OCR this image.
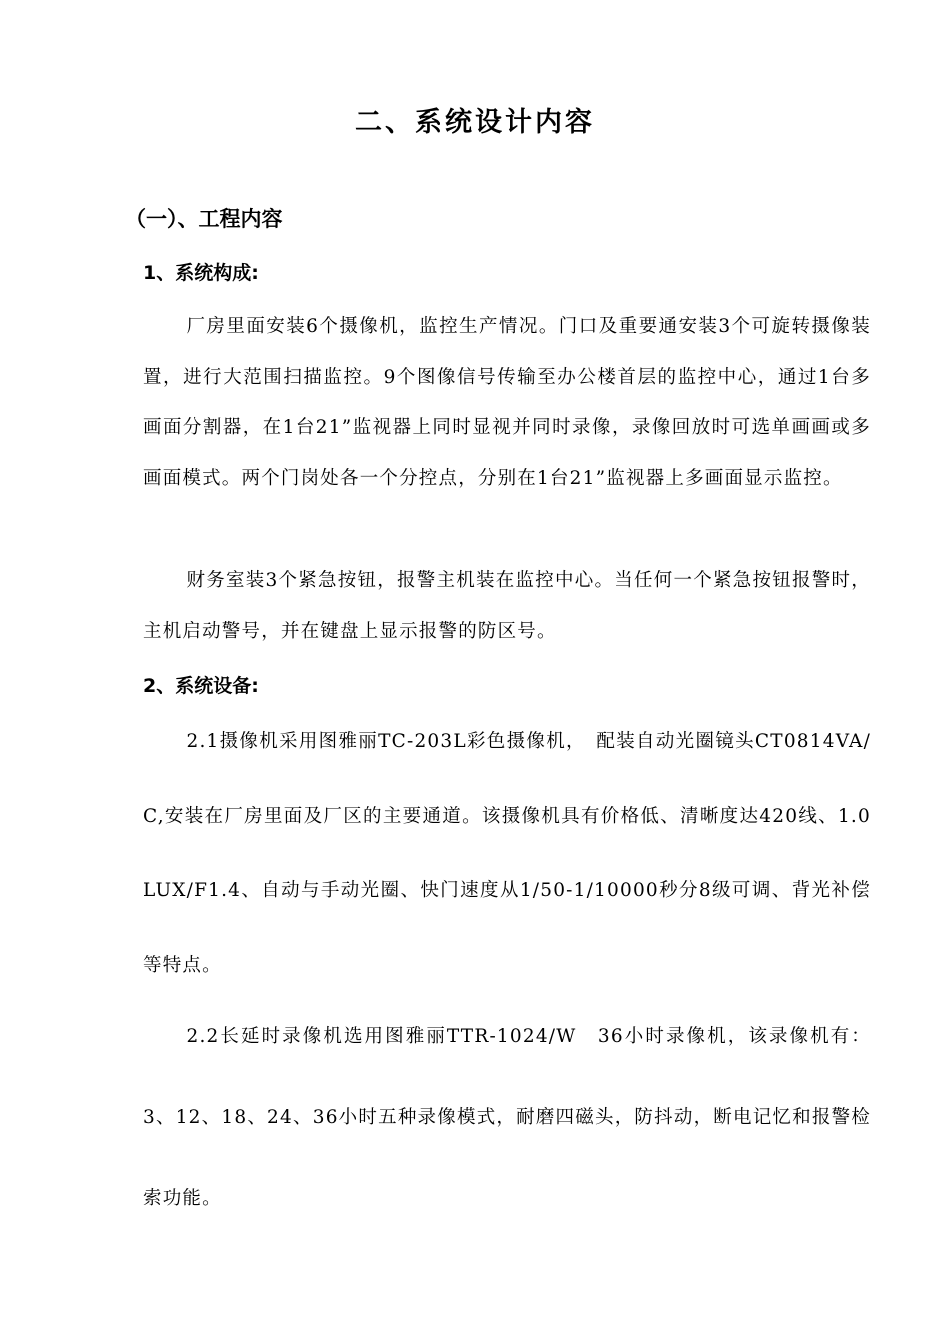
二、系统设计内容
（一）、工程内容
1、系统构成:

厂房里面安装6个摄像机，监控生产情况。门口及重要通安装3个可旋转摄像装置，进行大范围扫描监控。9个图像信号传输至办公楼首层的监控中心，通过1台多画面分割器，在1台21”监视器上同时显视并同时录像，录像回放时可选单画画或多画面模式。两个门岗处各一个分控点，分别在1台21”监视器上多画面显示监控。

财务室装3个紧急按钮，报警主机装在监控中心。当任何一个紧急按钮报警时，主机启动警号，并在键盘上显示报警的防区号。

2、系统设备:

2.1摄像机采用图雅丽TC-203L彩色摄像机，　配装自动光圈镜头CT0814VA/C,安装在厂房里面及厂区的主要通道。该摄像机具有价格低、清晰度达420线、1.0LUX/F1.4、自动与手动光圈、快门速度从1/50-1/10000秒分8级可调、背光补偿等特点。

2.2长延时录像机选用图雅丽TTR-1024/W　36小时录像机，该录像机有：3、12、18、24、36小时五种录像模式，耐磨四磁头，防抖动，断电记忆和报警检索功能。
